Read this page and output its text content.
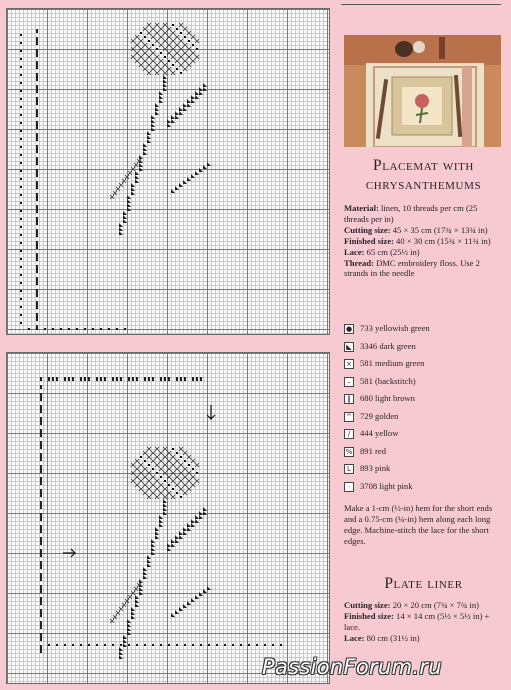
Placemat with
chrysanthemums
Material: linen, 10 threads per cm (25 threads per in)
Cutting size: 45 × 35 cm (17¾ × 13¾ in)
Finished size: 40 × 30 cm (15¾ × 11¾ in)
Lace: 65 cm (25½ in)
Thread: DMC embroidery floss. Use 2 strands in the needle
● 733 yellowish green
◣ 3346 dark green
× 581 medium green
–	581 (backstitch)
‖	680 light brown
^ 729 golden
/	444 yellow
% 891 red
L	893 pink
·	3708 light pink
Make a 1-cm (½-in) hem for the short ends and a 0.75-cm (¼-in) hem along each long edge. Machine-stitch the lace for the short edges.
Plate liner
Cutting size: 20 × 20 cm (7¾ × 7¾ in)
Finished size: 14 × 14 cm (5½ × 5½ in) + lace.
Lace: 80 cm (31½ in)
PassionForum.ru
